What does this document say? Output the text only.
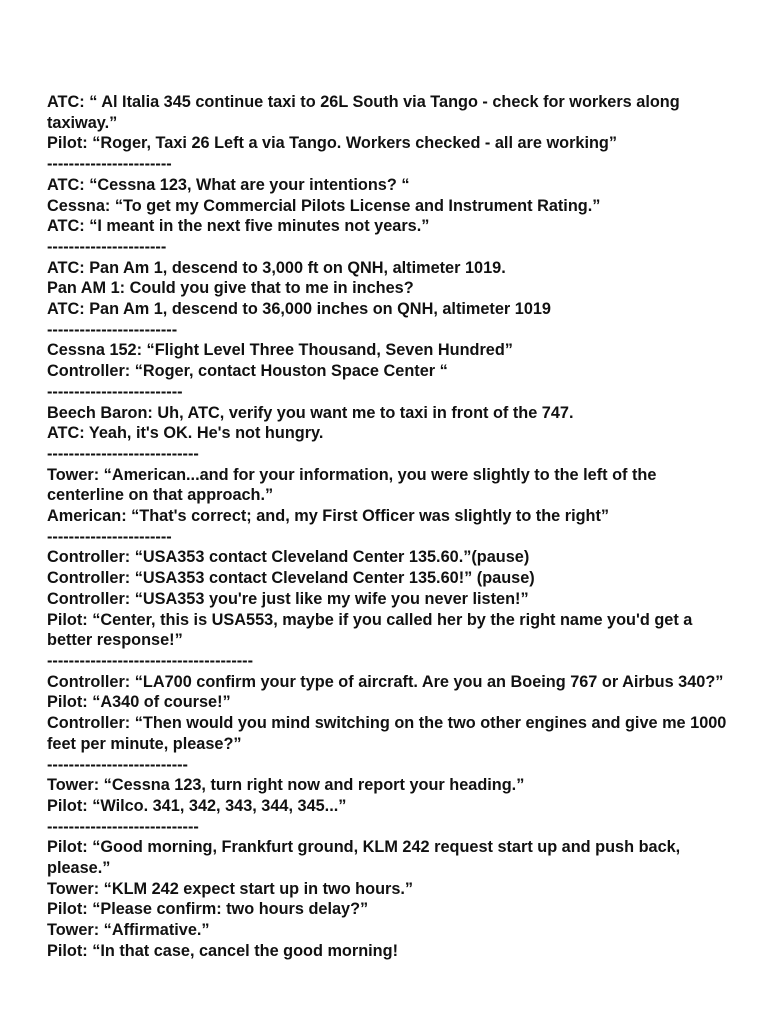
ATC: “ Al Italia 345 continue taxi to 26L South via Tango - check for workers along taxiway.”

Pilot: “Roger, Taxi 26 Left a via Tango. Workers checked - all are working”

-----------------------

ATC: “Cessna 123, What are your intentions? “

Cessna: “To get my Commercial Pilots License and Instrument Rating.”

ATC: “I meant in the next five minutes not years.”

----------------------

ATC: Pan Am 1, descend to 3,000 ft on QNH, altimeter 1019.

Pan AM 1: Could you give that to me in inches?

ATC: Pan Am 1, descend to 36,000 inches on QNH, altimeter 1019

------------------------

Cessna 152: “Flight Level Three Thousand, Seven Hundred”

Controller: “Roger, contact Houston Space Center “

-------------------------

Beech Baron: Uh, ATC, verify you want me to taxi in front of the 747.

ATC: Yeah, it's OK. He's not hungry.

----------------------------

Tower: “American...and for your information, you were slightly to the left of the centerline on that approach.”

American: “That's correct; and, my First Officer was slightly to the right”

-----------------------

Controller: “USA353 contact Cleveland Center 135.60.”(pause)

Controller: “USA353 contact Cleveland Center 135.60!” (pause)

Controller: “USA353 you're just like my wife you never listen!”

Pilot: “Center, this is USA553, maybe if you called her by the right name you'd get a better response!”

--------------------------------------

Controller: “LA700 confirm your type of aircraft. Are you an Boeing 767 or Airbus 340?”

Pilot: “A340 of course!”

Controller: “Then would you mind switching on the two other engines and give me 1000 feet per minute, please?”

--------------------------

Tower: “Cessna 123, turn right now and report your heading.”

Pilot: “Wilco. 341, 342, 343, 344, 345...”

----------------------------

Pilot: “Good morning, Frankfurt ground, KLM 242 request start up and push back, please.”

Tower: “KLM 242 expect start up in two hours.”

Pilot: “Please confirm: two hours delay?”

Tower: “Affirmative.”

Pilot: “In that case, cancel the good morning!
